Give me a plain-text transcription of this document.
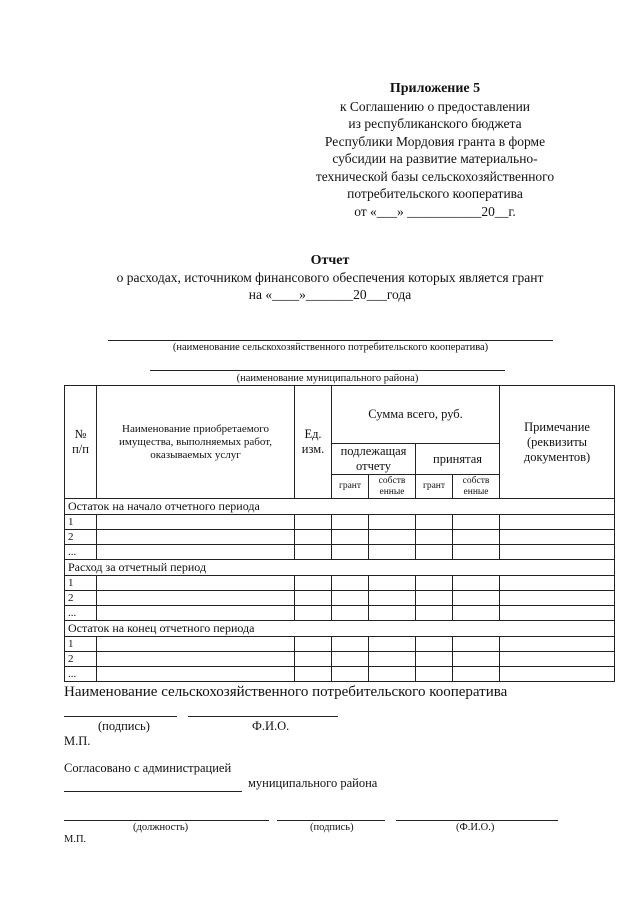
Приложение 5
к Соглашению о предоставлении
из республиканского бюджета
Республики Мордовия гранта в форме
субсидии на развитие материально-
технической базы сельскохозяйственного
потребительского кооператива
от «___» ___________20__г.
Отчет
о расходах, источником финансового обеспечения которых является грант
на «____»_______20___года
(наименование сельскохозяйственного потребительского кооператива)
(наименование муниципального района)
№ п/п	Наименование приобретаемого имущества, выполняемых работ, оказываемых услуг	Ед. изм.	Сумма всего, руб.				Примечание (реквизиты документов)
			подлежащая отчету		принятая		
			грант	собств енные	грант	собств енные	
Остаток на начало отчетного периода							
1							
2							
...							
Расход за отчетный период							
1							
2							
...							
Остаток на конец отчетного периода							
1							
2							
...							
Наименование сельскохозяйственного потребительского кооператива
(подпись)	Ф.И.О.
М.П.
Согласовано с администрацией
муниципального района
(должность)	(подпись)	(Ф.И.О.)
М.П.
